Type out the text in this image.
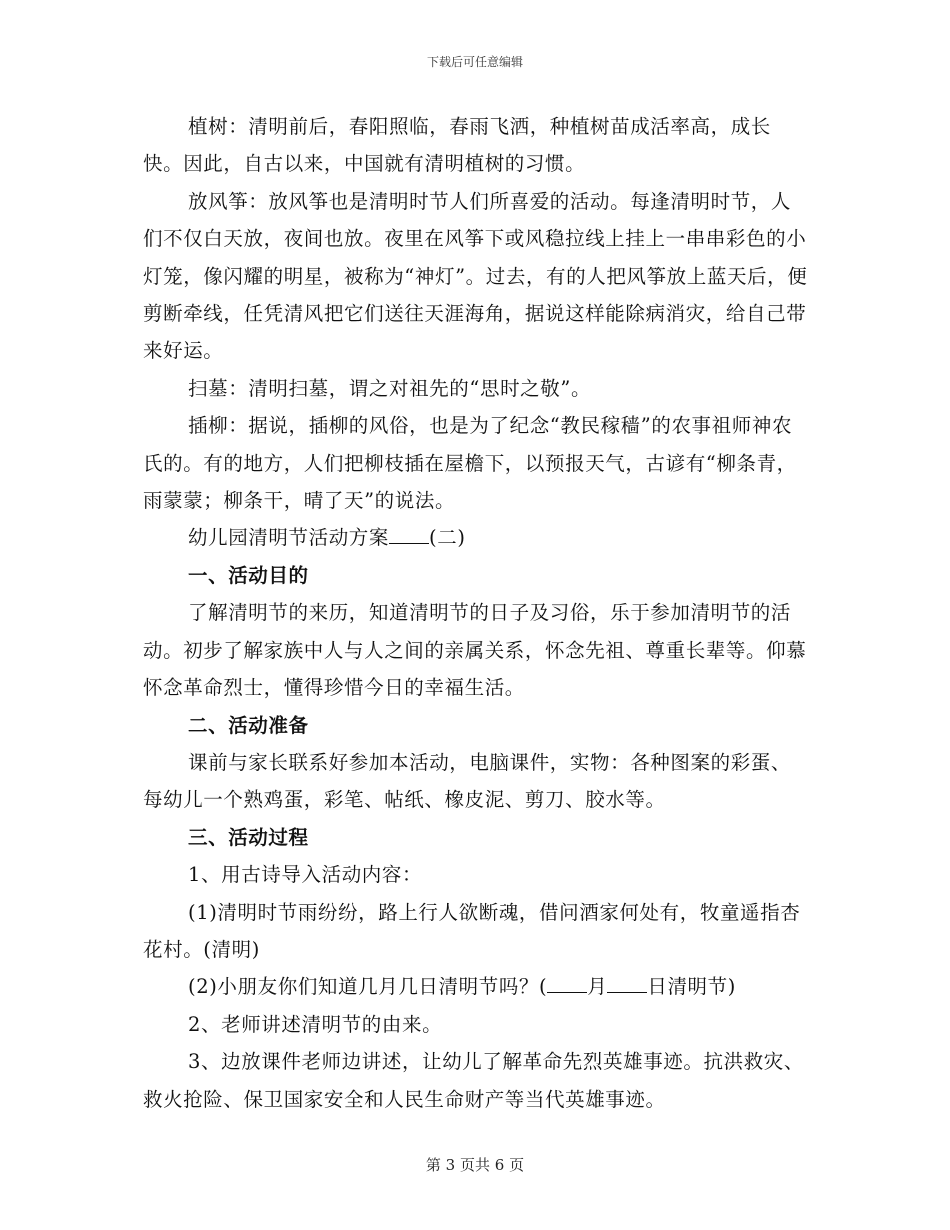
下载后可任意编辑

植树：清明前后，春阳照临，春雨飞洒，种植树苗成活率高，成长快。因此，自古以来，中国就有清明植树的习惯。

放风筝：放风筝也是清明时节人们所喜爱的活动。每逢清明时节，人们不仅白天放，夜间也放。夜里在风筝下或风稳拉线上挂上一串串彩色的小灯笼，像闪耀的明星，被称为“神灯”。过去，有的人把风筝放上蓝天后，便剪断牵线，任凭清风把它们送往天涯海角，据说这样能除病消灾，给自己带来好运。

扫墓：清明扫墓，谓之对祖先的“思时之敬”。

插柳：据说，插柳的风俗，也是为了纪念“教民稼穑”的农事祖师神农氏的。有的地方，人们把柳枝插在屋檐下，以预报天气，古谚有“柳条青，雨蒙蒙；柳条干，晴了天”的说法。

幼儿园清明节活动方案 (二)

一、活动目的

了解清明节的来历，知道清明节的日子及习俗，乐于参加清明节的活动。初步了解家族中人与人之间的亲属关系，怀念先祖、尊重长辈等。仰慕怀念革命烈士，懂得珍惜今日的幸福生活。

二、活动准备

课前与家长联系好参加本活动，电脑课件，实物：各种图案的彩蛋、每幼儿一个熟鸡蛋，彩笔、帖纸、橡皮泥、剪刀、胶水等。

三、活动过程

1、用古诗导入活动内容：

(1)清明时节雨纷纷，路上行人欲断魂，借问酒家何处有，牧童遥指杏花村。(清明)

(2)小朋友你们知道几月几日清明节吗？( 月 日清明节)

2、老师讲述清明节的由来。

3、边放课件老师边讲述，让幼儿了解革命先烈英雄事迹。抗洪救灾、救火抢险、保卫国家安全和人民生命财产等当代英雄事迹。

第 3 页共 6 页
